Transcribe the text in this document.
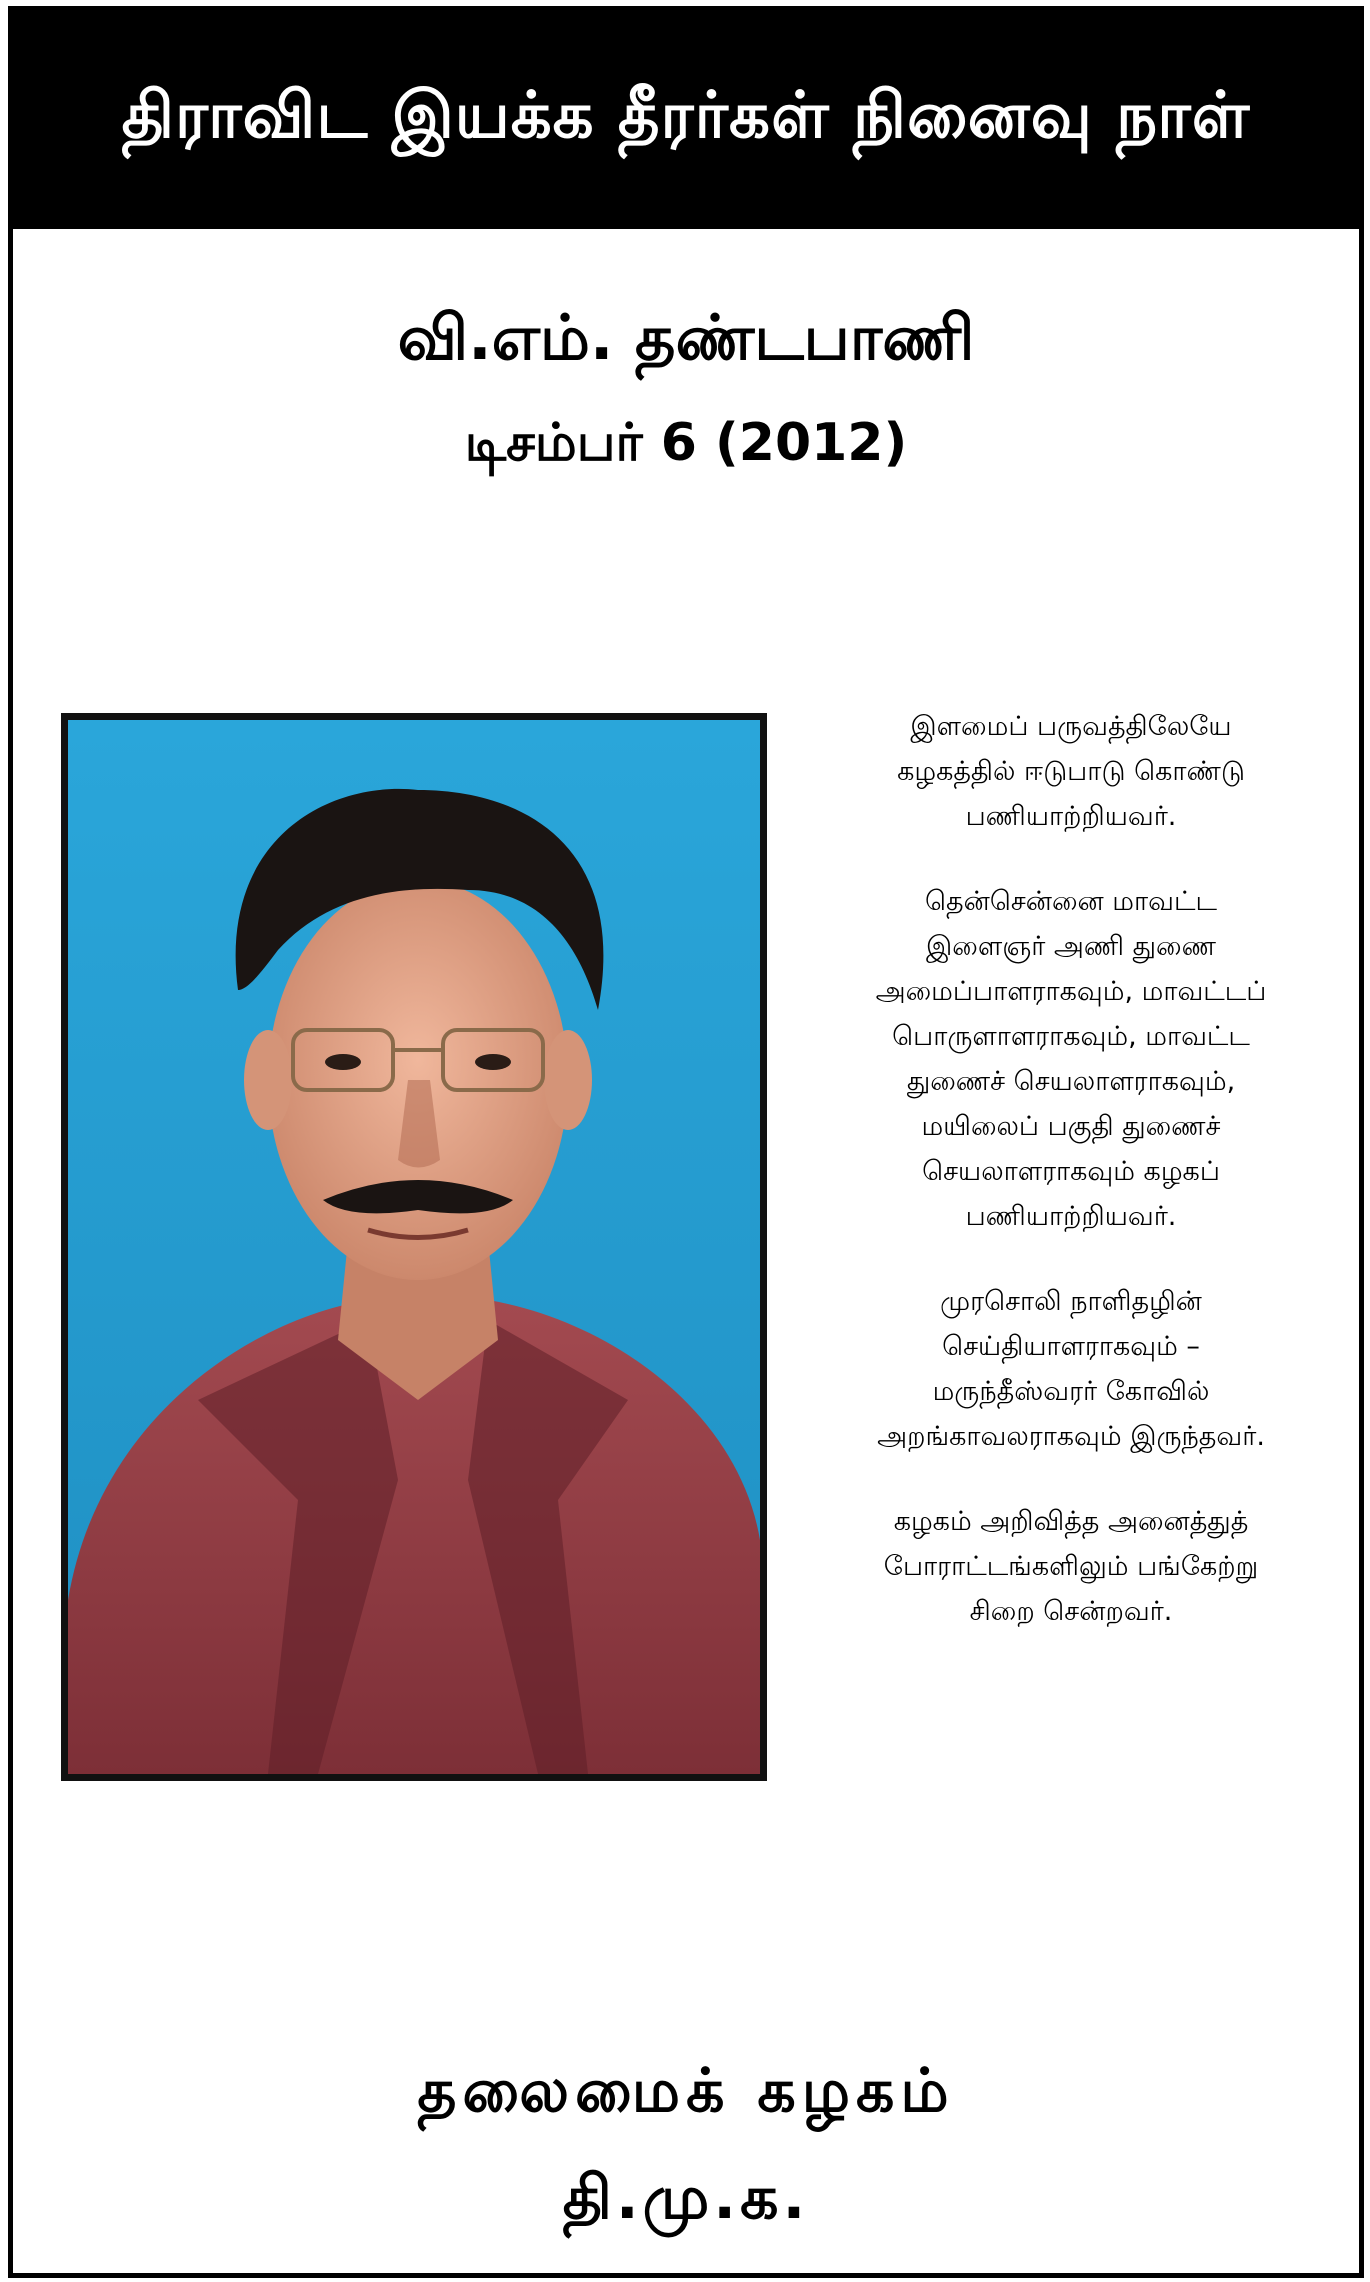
திராவிட இயக்க தீரர்கள் நினைவு நாள்
வி.எம். தண்டபாணி
டிசம்பர் 6 (2012)

இளமைப் பருவத்திலேயே
கழகத்தில் ஈடுபாடு கொண்டு
பணியாற்றியவர்.

தென்சென்னை மாவட்ட
இளைஞர் அணி துணை
அமைப்பாளராகவும், மாவட்டப்
பொருளாளராகவும், மாவட்ட
துணைச் செயலாளராகவும்,
மயிலைப் பகுதி துணைச்
செயலாளராகவும் கழகப்
பணியாற்றியவர்.

முரசொலி நாளிதழின்
செய்தியாளராகவும் –
மருந்தீஸ்வரர் கோவில்
அறங்காவலராகவும் இருந்தவர்.

கழகம் அறிவித்த அனைத்துத்
போராட்டங்களிலும் பங்கேற்று
சிறை சென்றவர்.

தலைமைக் கழகம்
தி.மு.க.
